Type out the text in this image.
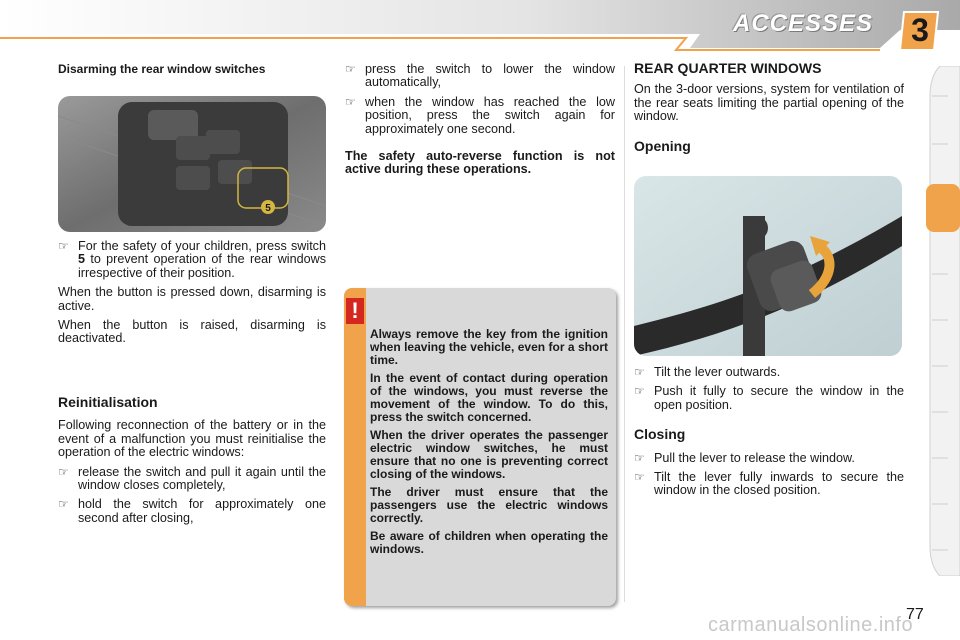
ACCESSES 3
Disarming the rear window switches
5
☞ For the safety of your children, press switch 5 to prevent operation of the rear windows irrespective of their position.

When the button is pressed down, disarming is active.

When the button is raised, disarming is deactivated.

Reinitialisation

Following reconnection of the battery or in the event of a malfunction you must reinitialise the operation of the electric windows:

☞ release the switch and pull it again until the window closes completely,
☞ hold the switch for approximately one second after closing,
☞ press the switch to lower the window automatically,
☞ when the window has reached the low position, press the switch again for approximately one second.

The safety auto-reverse function is not active during these operations.

!

Always remove the key from the ignition when leaving the vehicle, even for a short time.

In the event of contact during operation of the windows, you must reverse the movement of the window. To do this, press the switch concerned.

When the driver operates the passenger electric window switches, he must ensure that no one is preventing correct closing of the windows.

The driver must ensure that the passengers use the electric windows correctly.

Be aware of children when operating the windows.

REAR QUARTER WINDOWS

On the 3-door versions, system for ventilation of the rear seats limiting the partial opening of the window.

Opening
☞ Tilt the lever outwards.
☞ Push it fully to secure the window in the open position.
Closing
☞ Pull the lever to release the window.
☞ Tilt the lever fully inwards to secure the window in the closed position.
carmanualsonline.info
77
